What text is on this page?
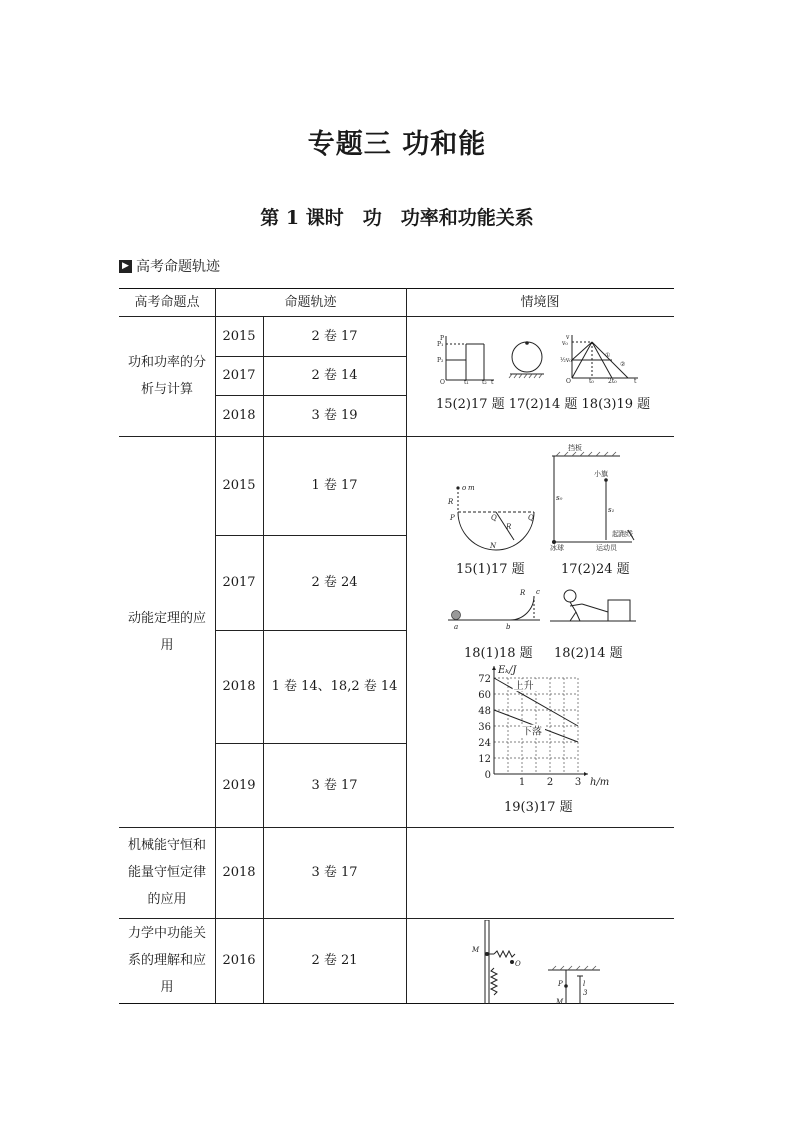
专题三 功和能
第 1 课时　功　功率和功能关系
▶ 高考命题轨迹
高考命题点	命题轨迹	情境图
功和功率的分析与计算
2015	2 卷 17
2017	2 卷 14
2018	3 卷 19
动能定理的应用
2015	1 卷 17
2017	2 卷 24
2018	1 卷 14、18,2 卷 14
2019	3 卷 17
机械能守恒和能量守恒定律的应用
2018	3 卷 17
力学中功能关系的理解和应用
2016	2 卷 21
P
P₁
P₂
O	t₁ t₂ t
v
v₀
½v₀
O	t₀ 2t₀	t
①
②
15(2)17 题 17(2)14 题 18(3)19 题
o m
R
P	Q
R
Q
N
挡板
小旗
s₀
s₁
起跑线
冰球	运动员
15(1)17 题	17(2)24 题
R c
a	b
18(1)18 题 18(2)14 题
0
12
24
36
48
60
72
1 2 3
Eₖ/J
h/m
上升
下落
19(3)17 题
M
O
P	l
3
M
